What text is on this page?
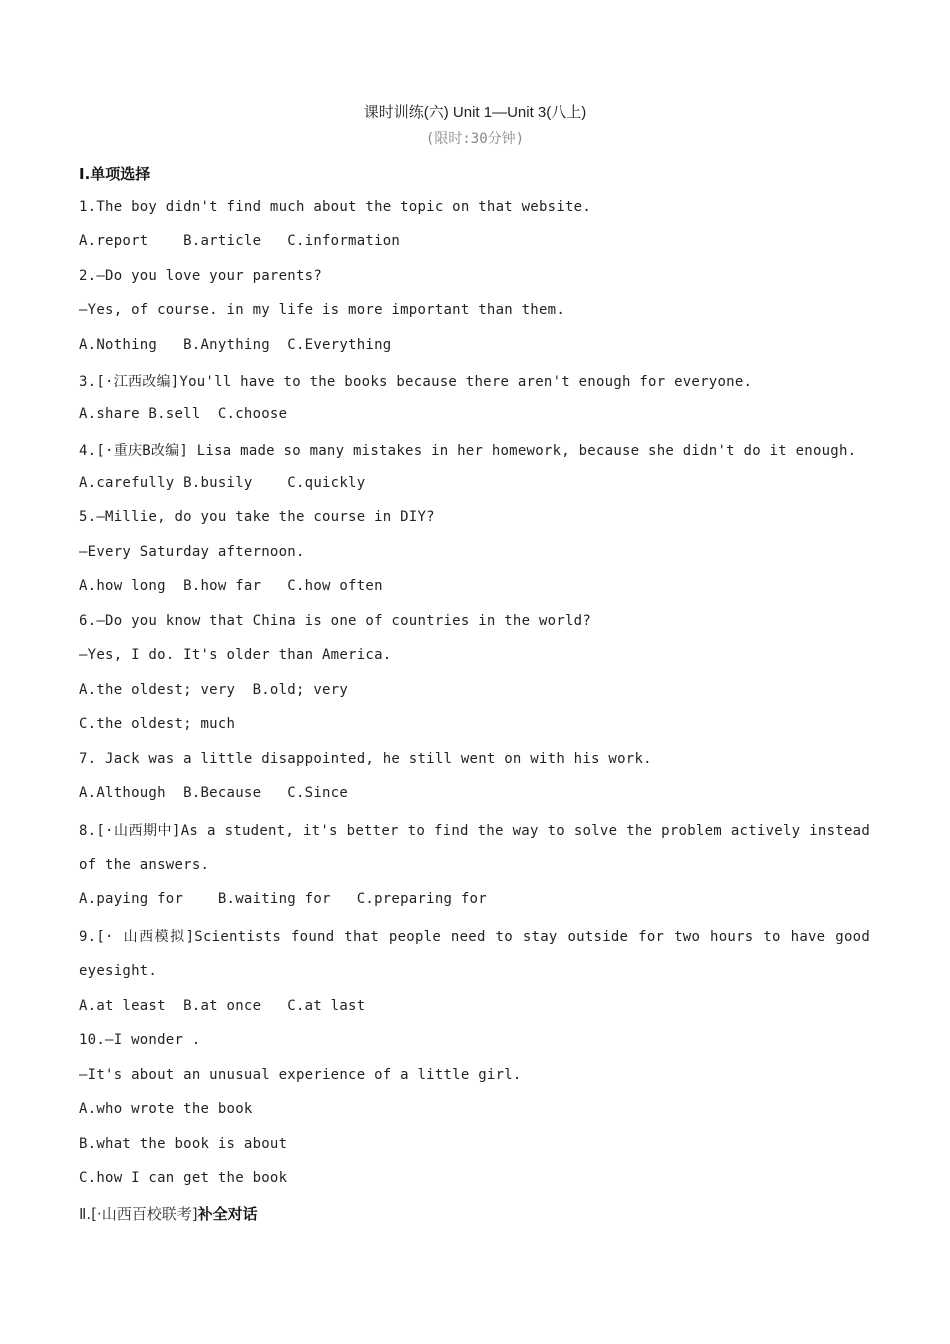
课时训练(六) Unit 1—Unit 3(八上)
(限时:30分钟)
Ⅰ.单项选择
1.The boy didn't find much about the topic on that website.
A.report    B.article   C.information
2.—Do you love your parents?
—Yes, of course. in my life is more important than them.
A.Nothing   B.Anything  C.Everything
3.[·江西改编]You'll have to the books because there aren't enough for everyone.
A.share B.sell  C.choose
4.[·重庆B改编] Lisa made so many mistakes in her homework, because she didn't do it enough.
A.carefully B.busily    C.quickly
5.—Millie, do you take the course in DIY?
—Every Saturday afternoon.
A.how long  B.how far   C.how often
6.—Do you know that China is one of countries in the world?
—Yes, I do. It's older than America.
A.the oldest; very  B.old; very
C.the oldest; much
7. Jack was a little disappointed, he still went on with his work.
A.Although  B.Because   C.Since
8.[·山西期中]As a student, it's better to find the way to solve the problem actively instead
of the answers.
A.paying for    B.waiting for   C.preparing for
9.[· 山西模拟]Scientists found that people need to stay outside for two hours to have good
eyesight.
A.at least  B.at once   C.at last
10.—I wonder .
—It's about an unusual experience of a little girl.
A.who wrote the book
B.what the book is about
C.how I can get the book
Ⅱ.[·山西百校联考]补全对话
